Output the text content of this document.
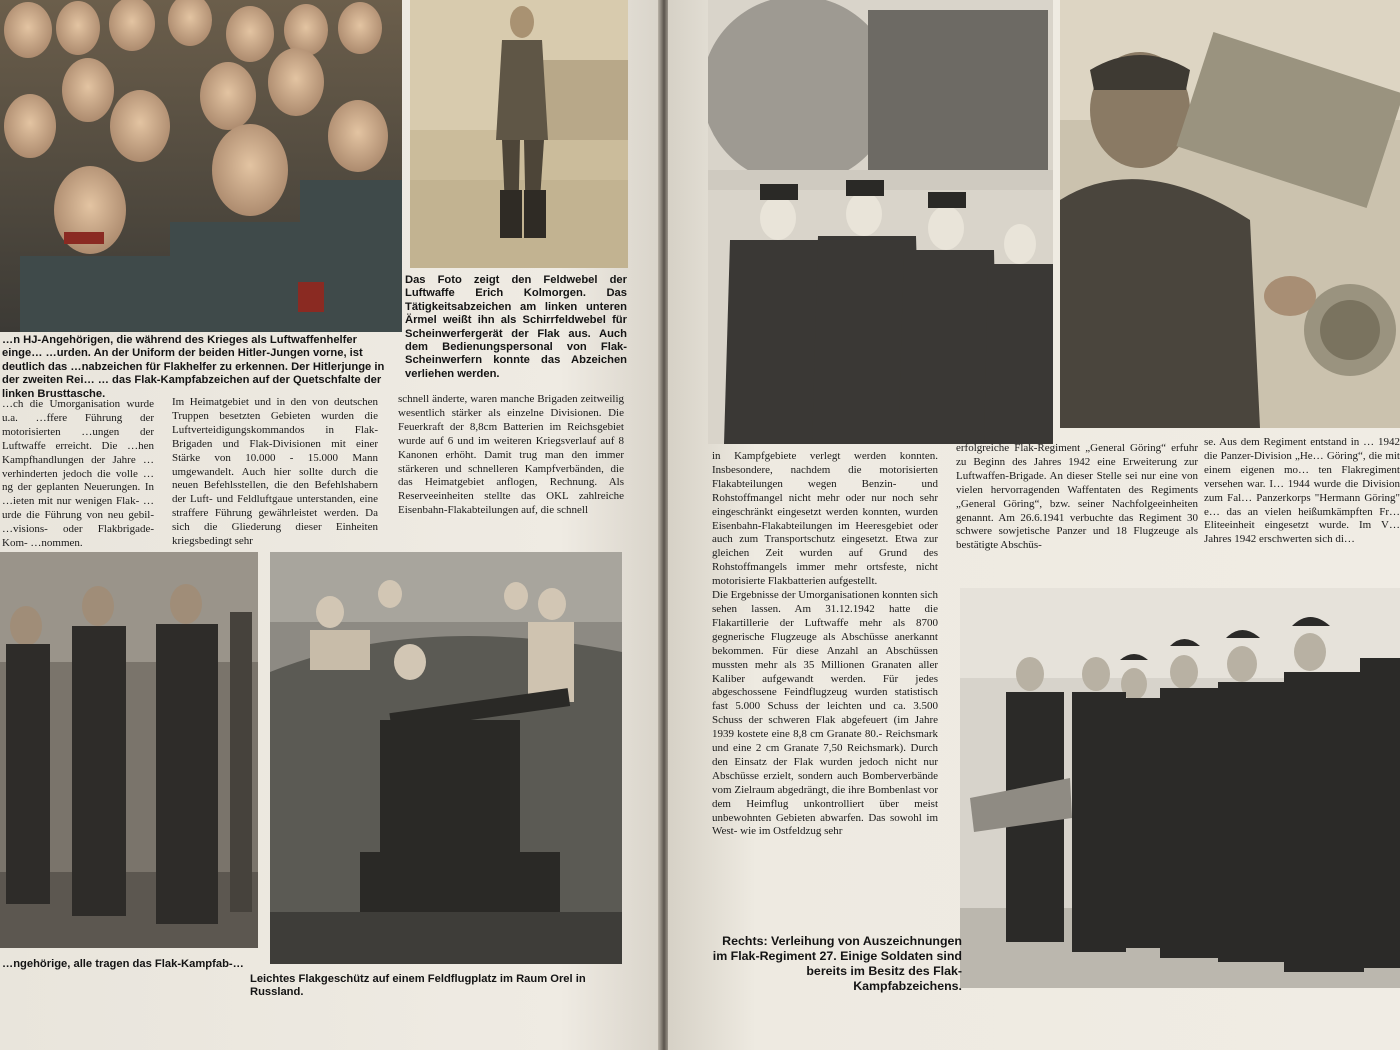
…n HJ-Angehörigen, die während des Krieges als Luftwaffenhelfer einge… …urden. An der Uniform der beiden Hitler-Jungen vorne, ist deutlich das …nabzeichen für Flakhelfer zu erkennen. Der Hitlerjunge in der zweiten Rei… … das Flak-Kampfabzeichen auf der Quetschfalte der linken Brusttasche.

Das Foto zeigt den Feldwebel der Luftwaffe Erich Kolmorgen. Das Tätigkeitsabzeichen am linken unteren Ärmel weißt ihn als Schirrfeldwebel für Scheinwerfergerät der Flak aus. Auch dem Bedienungspersonal von Flak-Scheinwerfern konnte das Abzeichen verliehen werden.

…ch die Umorganisation wurde u.a. …ffere Führung der motorisierten …ungen der Luftwaffe erreicht. Die …hen Kampfhandlungen der Jahre … verhinderten jedoch die volle …ng der geplanten Neuerungen. In …ieten mit nur wenigen Flak- …urde die Führung von neu gebil- …visions- oder Flakbrigade-Kom- …nommen.

Im Heimatgebiet und in den von deutschen Truppen besetzten Gebieten wurden die Luftverteidigungskommandos in Flak-Brigaden und Flak-Divisionen mit einer Stärke von 10.000 - 15.000 Mann umgewandelt. Auch hier sollte durch die neuen Befehlsstellen, die den Befehlshabern der Luft- und Feldluftgaue unterstanden, eine straffere Führung gewährleistet werden. Da sich die Gliederung dieser Einheiten kriegsbedingt sehr

schnell änderte, waren manche Brigaden zeitweilig wesentlich stärker als einzelne Divisionen. Die Feuerkraft der 8,8cm Batterien im Reichsgebiet wurde auf 6 und im weiteren Kriegsverlauf auf 8 Kanonen erhöht. Damit trug man den immer stärkeren und schnelleren Kampfverbänden, die das Heimatgebiet anflogen, Rechnung. Als Reserveeinheiten stellte das OKL zahlreiche Eisenbahn-Flakabteilungen auf, die schnell

…ngehörige, alle tragen das Flak-Kampfab-…

Leichtes Flakgeschütz auf einem Feldflugplatz im Raum Orel in Russland.

in Kampfgebiete verlegt werden konnten. Insbesondere, nachdem die motorisierten Flakabteilungen wegen Benzin- und Rohstoffmangel nicht mehr oder nur noch sehr eingeschränkt eingesetzt werden konnten, wurden Eisenbahn-Flakabteilungen im Heeresgebiet oder auch zum Transportschutz eingesetzt. Etwa zur gleichen Zeit wurden auf Grund des Rohstoffmangels immer mehr ortsfeste, nicht motorisierte Flakbatterien aufgestellt.

Die Ergebnisse der Umorganisationen konnten sich sehen lassen. Am 31.12.1942 hatte die Flakartillerie der Luftwaffe mehr als 8700 gegnerische Flugzeuge als Abschüsse anerkannt bekommen. Für diese Anzahl an Abschüssen mussten mehr als 35 Millionen Granaten aller Kaliber aufgewandt werden. Für jedes abgeschossene Feindflugzeug wurden statistisch fast 5.000 Schuss der leichten und ca. 3.500 Schuss der schweren Flak abgefeuert (im Jahre 1939 kostete eine 8,8 cm Granate 80.- Reichsmark und eine 2 cm Granate 7,50 Reichsmark). Durch den Einsatz der Flak wurden jedoch nicht nur Abschüsse erzielt, sondern auch Bomberverbände vom Zielraum abgedrängt, die ihre Bombenlast vor dem Heimflug unkontrolliert über meist unbewohnten Gebieten abwarfen. Das sowohl im West- wie im Ostfeldzug sehr

erfolgreiche Flak-Regiment „General Göring“ erfuhr zu Beginn des Jahres 1942 eine Erweiterung zur Luftwaffen-Brigade. An dieser Stelle sei nur eine von vielen hervorragenden Waffentaten des Regiments „General Göring“, bzw. seiner Nachfolgeeinheiten genannt. Am 26.6.1941 verbuchte das Regiment 30 schwere sowjetische Panzer und 18 Flugzeuge als bestätigte Abschüs-

se. Aus dem Regiment entstand in … 1942 die Panzer-Division „He… Göring“, die mit einem eigenen mo… ten Flakregiment versehen war. I… 1944 wurde die Division zum Fal… Panzerkorps "Hermann Göring" e… das an vielen heißumkämpften Fr… Eliteeinheit eingesetzt wurde. Im V… Jahres 1942 erschwerten sich di…

Rechts: Verleihung von Auszeichnungen im Flak-Regiment 27. Einige Soldaten sind bereits im Besitz des Flak-Kampfabzeichens.
